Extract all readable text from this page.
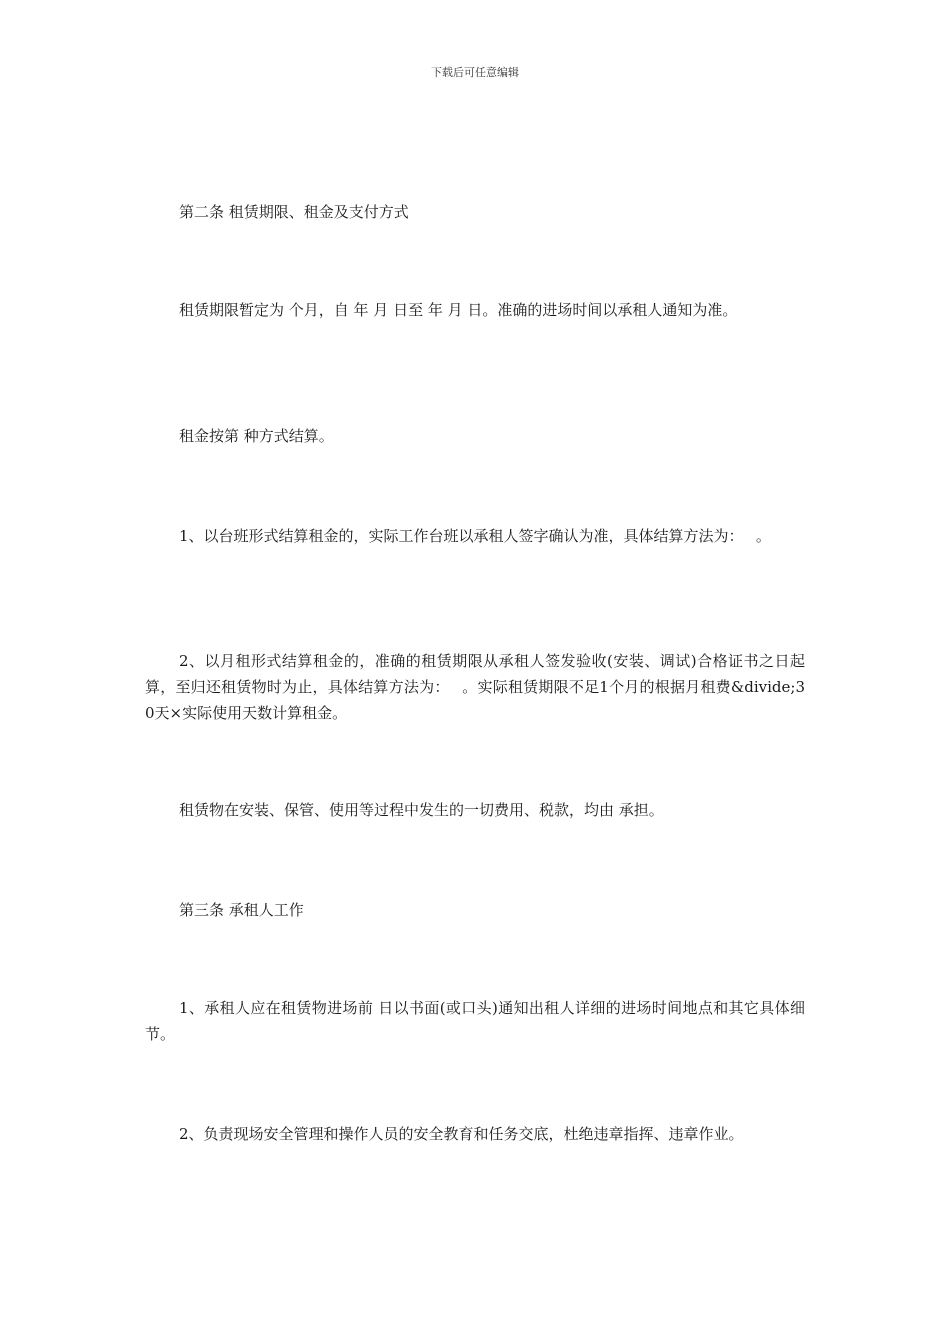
下载后可任意编辑

第二条 租赁期限、租金及支付方式

租赁期限暂定为 个月，自 年 月 日至 年 月 日。准确的进场时间以承租人通知为准。

租金按第 种方式结算。

1、以台班形式结算租金的，实际工作台班以承租人签字确认为准，具体结算方法为：　 。

2、以月租形式结算租金的，准确的租赁期限从承租人签发验收(安装、调试)合格证书之日起算，至归还租赁物时为止，具体结算方法为：　 。实际租赁期限不足1个月的根据月租费&divide;30天×实际使用天数计算租金。

租赁物在安装、保管、使用等过程中发生的一切费用、税款，均由 承担。

第三条 承租人工作

1、承租人应在租赁物进场前 日以书面(或口头)通知出租人详细的进场时间地点和其它具体细节。

2、负责现场安全管理和操作人员的安全教育和任务交底，杜绝违章指挥、违章作业。
